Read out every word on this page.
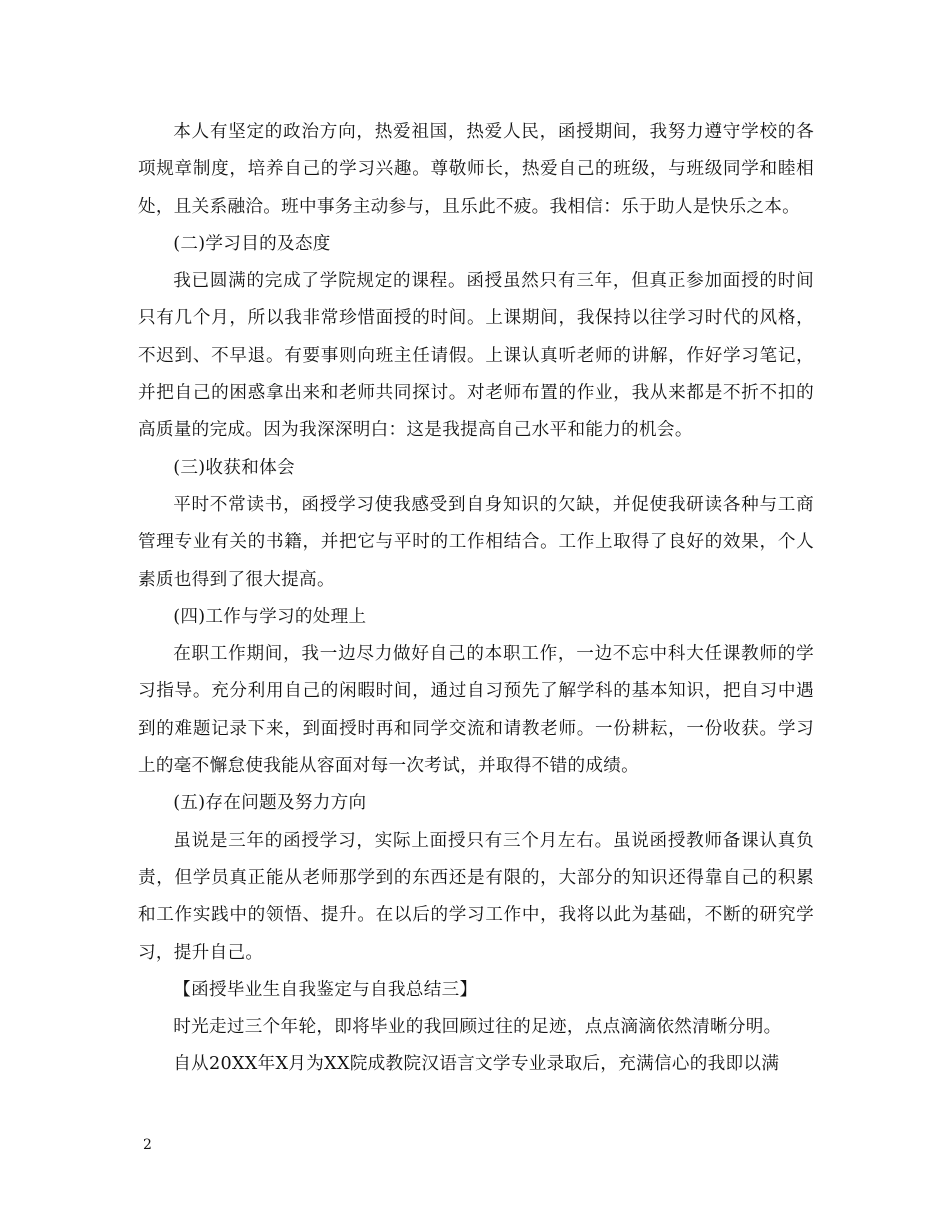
本人有坚定的政治方向，热爱祖国，热爱人民，函授期间，我努力遵守学校的各项规章制度，培养自己的学习兴趣。尊敬师长，热爱自己的班级，与班级同学和睦相处，且关系融洽。班中事务主动参与，且乐此不疲。我相信：乐于助人是快乐之本。

(二)学习目的及态度

我已圆满的完成了学院规定的课程。函授虽然只有三年，但真正参加面授的时间只有几个月，所以我非常珍惜面授的时间。上课期间，我保持以往学习时代的风格，不迟到、不早退。有要事则向班主任请假。上课认真听老师的讲解，作好学习笔记，并把自己的困惑拿出来和老师共同探讨。对老师布置的作业，我从来都是不折不扣的高质量的完成。因为我深深明白：这是我提高自己水平和能力的机会。

(三)收获和体会

平时不常读书，函授学习使我感受到自身知识的欠缺，并促使我研读各种与工商管理专业有关的书籍，并把它与平时的工作相结合。工作上取得了良好的效果，个人素质也得到了很大提高。

(四)工作与学习的处理上

在职工作期间，我一边尽力做好自己的本职工作，一边不忘中科大任课教师的学习指导。充分利用自己的闲暇时间，通过自习预先了解学科的基本知识，把自习中遇到的难题记录下来，到面授时再和同学交流和请教老师。一份耕耘，一份收获。学习上的毫不懈怠使我能从容面对每一次考试，并取得不错的成绩。

(五)存在问题及努力方向

虽说是三年的函授学习，实际上面授只有三个月左右。虽说函授教师备课认真负责，但学员真正能从老师那学到的东西还是有限的，大部分的知识还得靠自己的积累和工作实践中的领悟、提升。在以后的学习工作中，我将以此为基础，不断的研究学习，提升自己。

【函授毕业生自我鉴定与自我总结三】

时光走过三个年轮，即将毕业的我回顾过往的足迹，点点滴滴依然清晰分明。

自从20XX年X月为XX院成教院汉语言文学专业录取后，充满信心的我即以满

2
